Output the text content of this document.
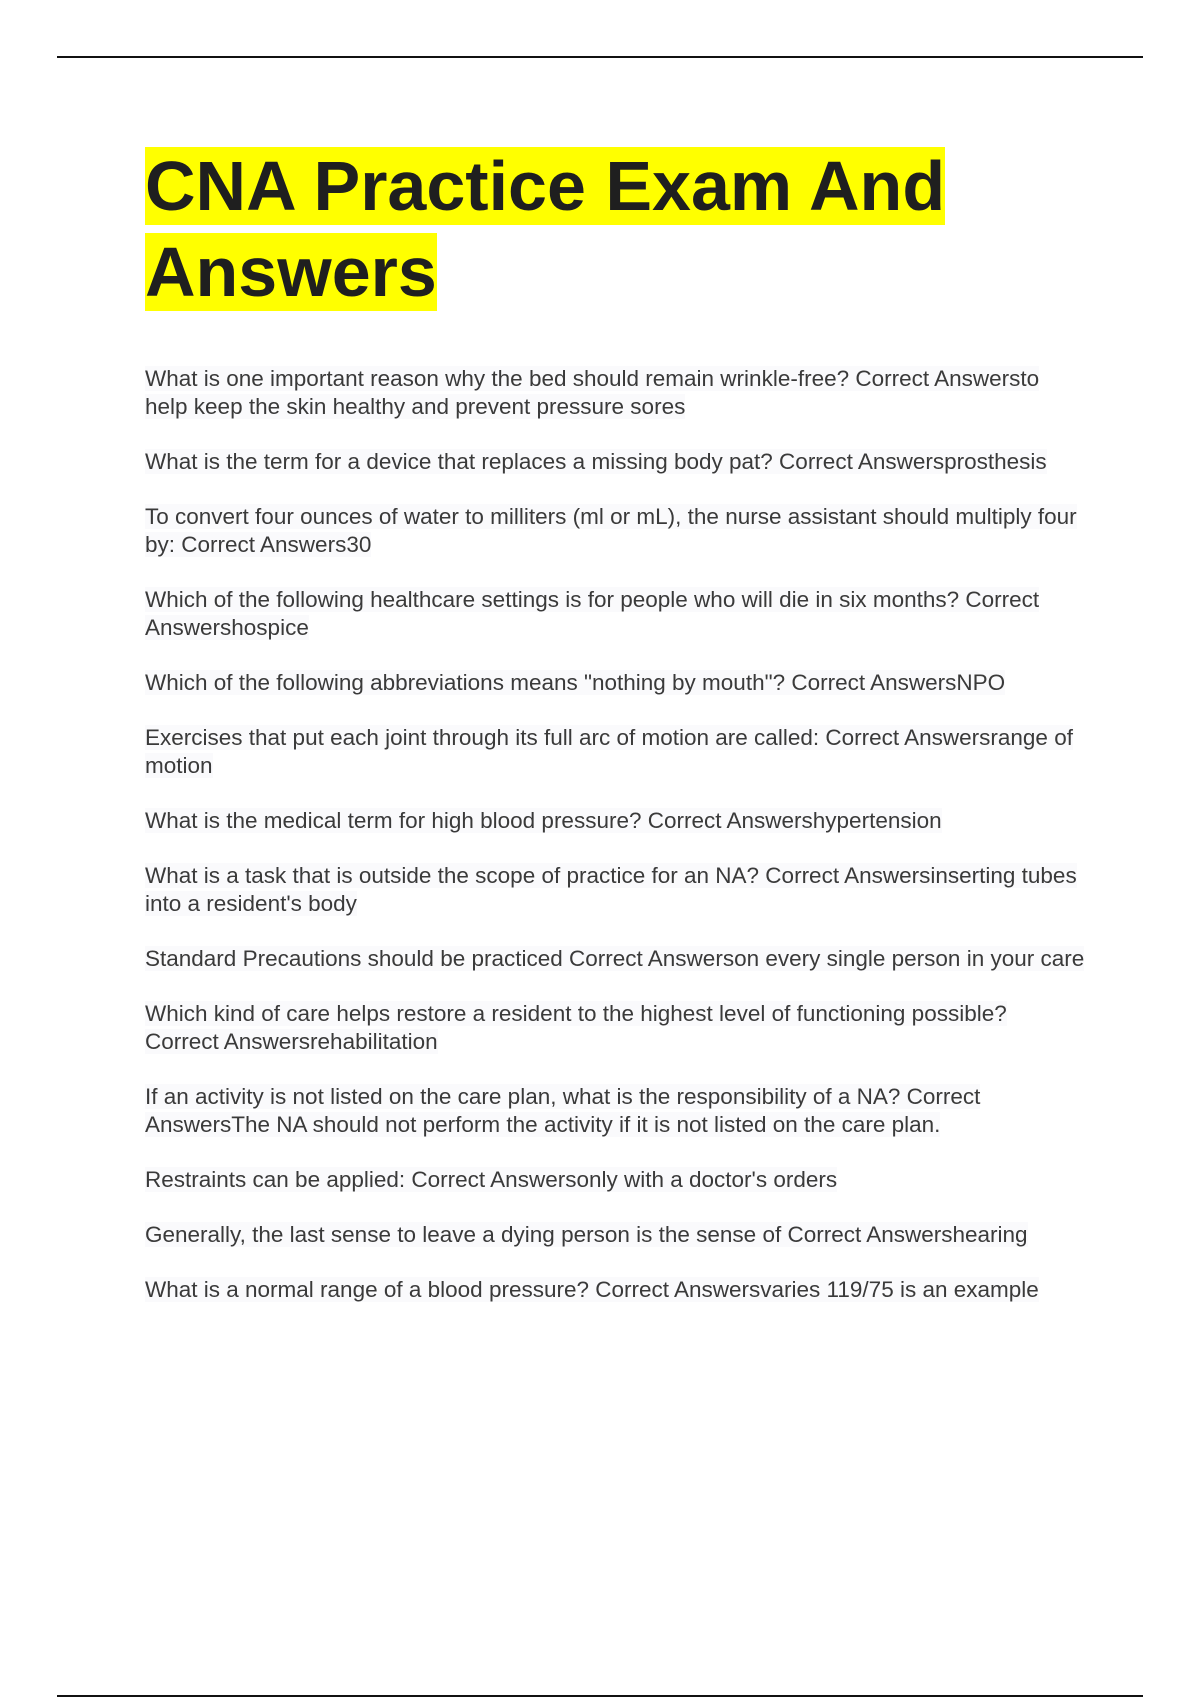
CNA Practice Exam And
Answers

What is one important reason why the bed should remain wrinkle-free? Correct Answersto help keep the skin healthy and prevent pressure sores

What is the term for a device that replaces a missing body pat? Correct Answersprosthesis

To convert four ounces of water to milliters (ml or mL), the nurse assistant should multiply four by: Correct Answers30

Which of the following healthcare settings is for people who will die in six months? Correct Answershospice

Which of the following abbreviations means "nothing by mouth"? Correct AnswersNPO

Exercises that put each joint through its full arc of motion are called: Correct Answersrange of motion

What is the medical term for high blood pressure? Correct Answershypertension

What is a task that is outside the scope of practice for an NA? Correct Answersinserting tubes into a resident's body

Standard Precautions should be practiced Correct Answerson every single person in your care

Which kind of care helps restore a resident to the highest level of functioning possible? Correct Answersrehabilitation

If an activity is not listed on the care plan, what is the responsibility of a NA? Correct AnswersThe NA should not perform the activity if it is not listed on the care plan.

Restraints can be applied: Correct Answersonly with a doctor's orders

Generally, the last sense to leave a dying person is the sense of Correct Answershearing

What is a normal range of a blood pressure? Correct Answersvaries 119/75 is an example
